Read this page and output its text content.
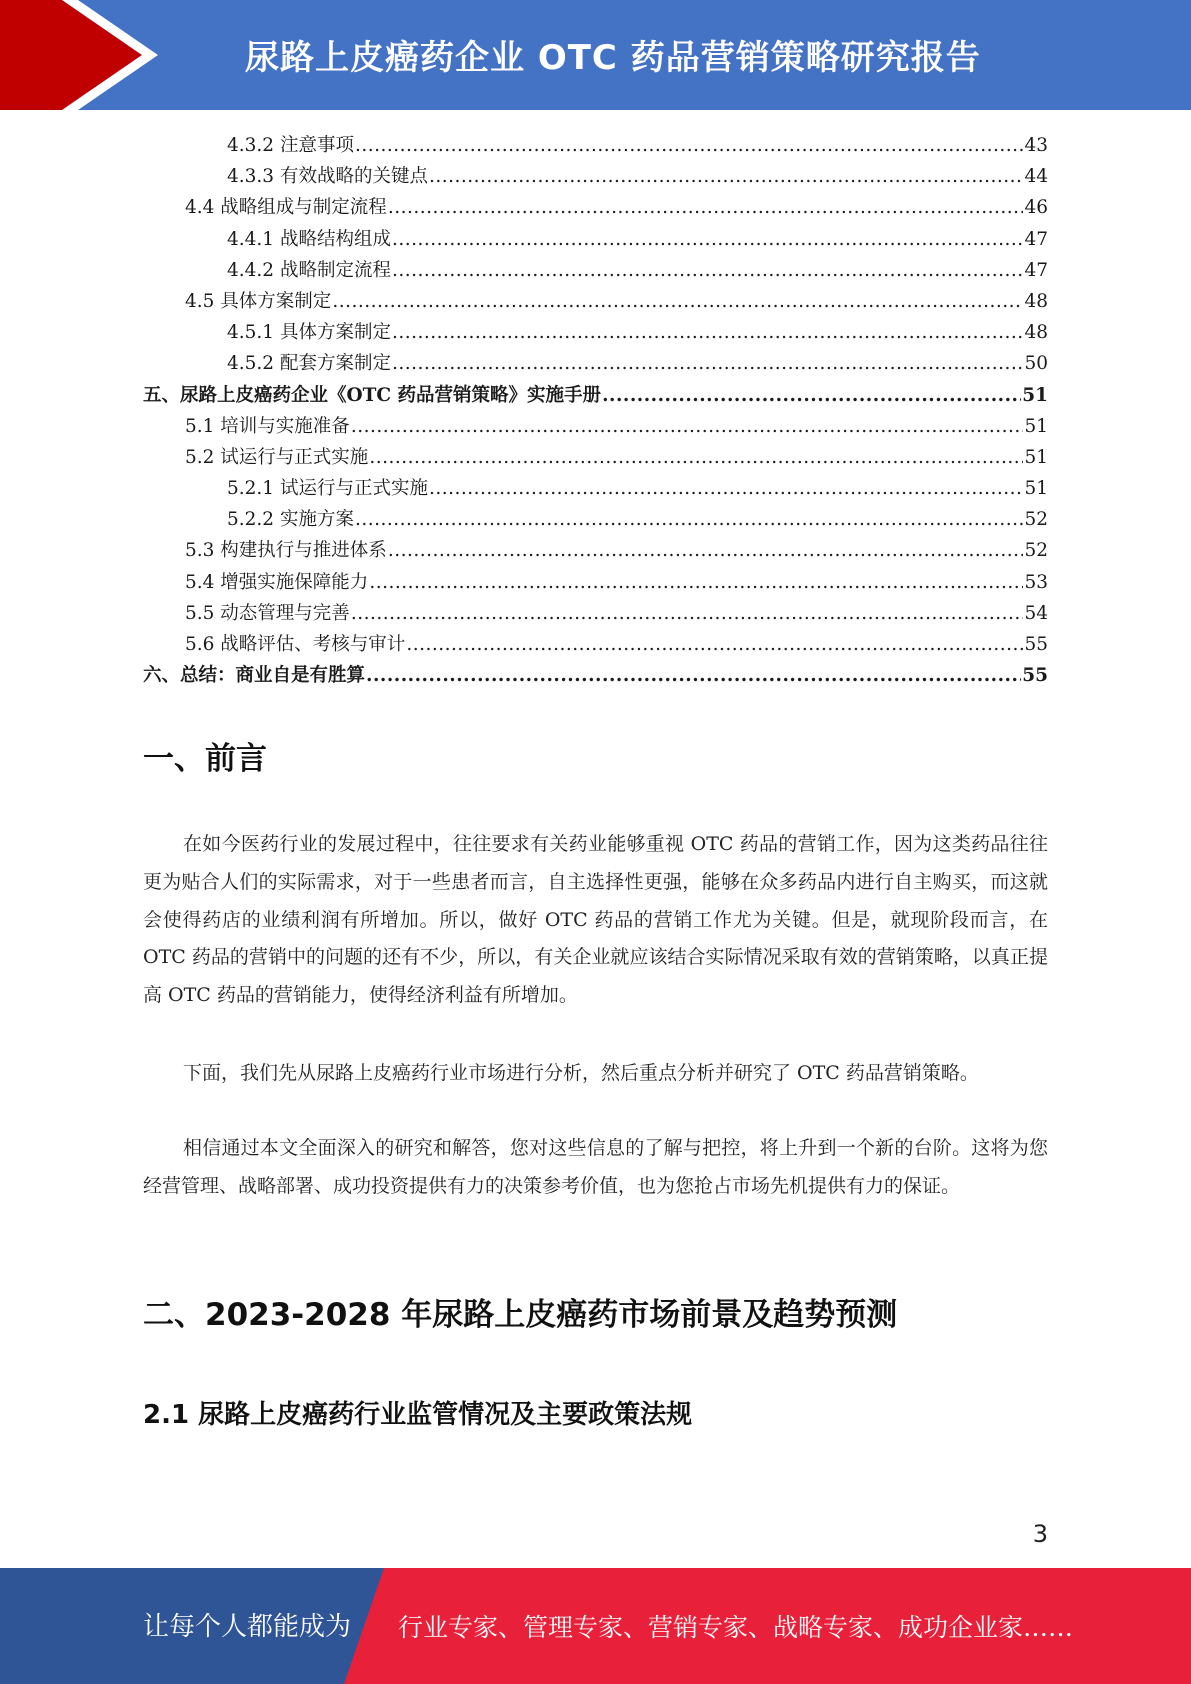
尿路上皮癌药企业 OTC 药品营销策略研究报告
4.3.2 注意事项 .....	43
4.3.3 有效战略的关键点 .....	44
4.4 战略组成与制定流程 .....	46
4.4.1 战略结构组成 .....	47
4.4.2 战略制定流程 .....	47
4.5 具体方案制定 .....	48
4.5.1 具体方案制定 .....	48
4.5.2 配套方案制定 .....	50
五、尿路上皮癌药企业《OTC 药品营销策略》实施手册 .....	51
5.1 培训与实施准备 .....	51
5.2 试运行与正式实施 .....	51
5.2.1 试运行与正式实施 .....	51
5.2.2 实施方案 .....	52
5.3 构建执行与推进体系 .....	52
5.4 增强实施保障能力 .....	53
5.5 动态管理与完善 .....	54
5.6 战略评估、考核与审计 .....	55
六、总结：商业自是有胜算 .....	55
一、前言
在如今医药行业的发展过程中，往往要求有关药业能够重视 OTC 药品的营销工作，因为这类药品往往更为贴合人们的实际需求，对于一些患者而言，自主选择性更强，能够在众多药品内进行自主购买，而这就会使得药店的业绩利润有所增加。所以，做好 OTC 药品的营销工作尤为关键。但是，就现阶段而言，在 OTC 药品的营销中的问题的还有不少，所以，有关企业就应该结合实际情况采取有效的营销策略，以真正提高 OTC 药品的营销能力，使得经济利益有所增加。
下面，我们先从尿路上皮癌药行业市场进行分析，然后重点分析并研究了 OTC 药品营销策略。
相信通过本文全面深入的研究和解答，您对这些信息的了解与把控，将上升到一个新的台阶。这将为您经营管理、战略部署、成功投资提供有力的决策参考价值，也为您抢占市场先机提供有力的保证。
二、2023-2028 年尿路上皮癌药市场前景及趋势预测
2.1 尿路上皮癌药行业监管情况及主要政策法规
3
让每个人都能成为 行业专家、管理专家、营销专家、战略专家、成功企业家……
